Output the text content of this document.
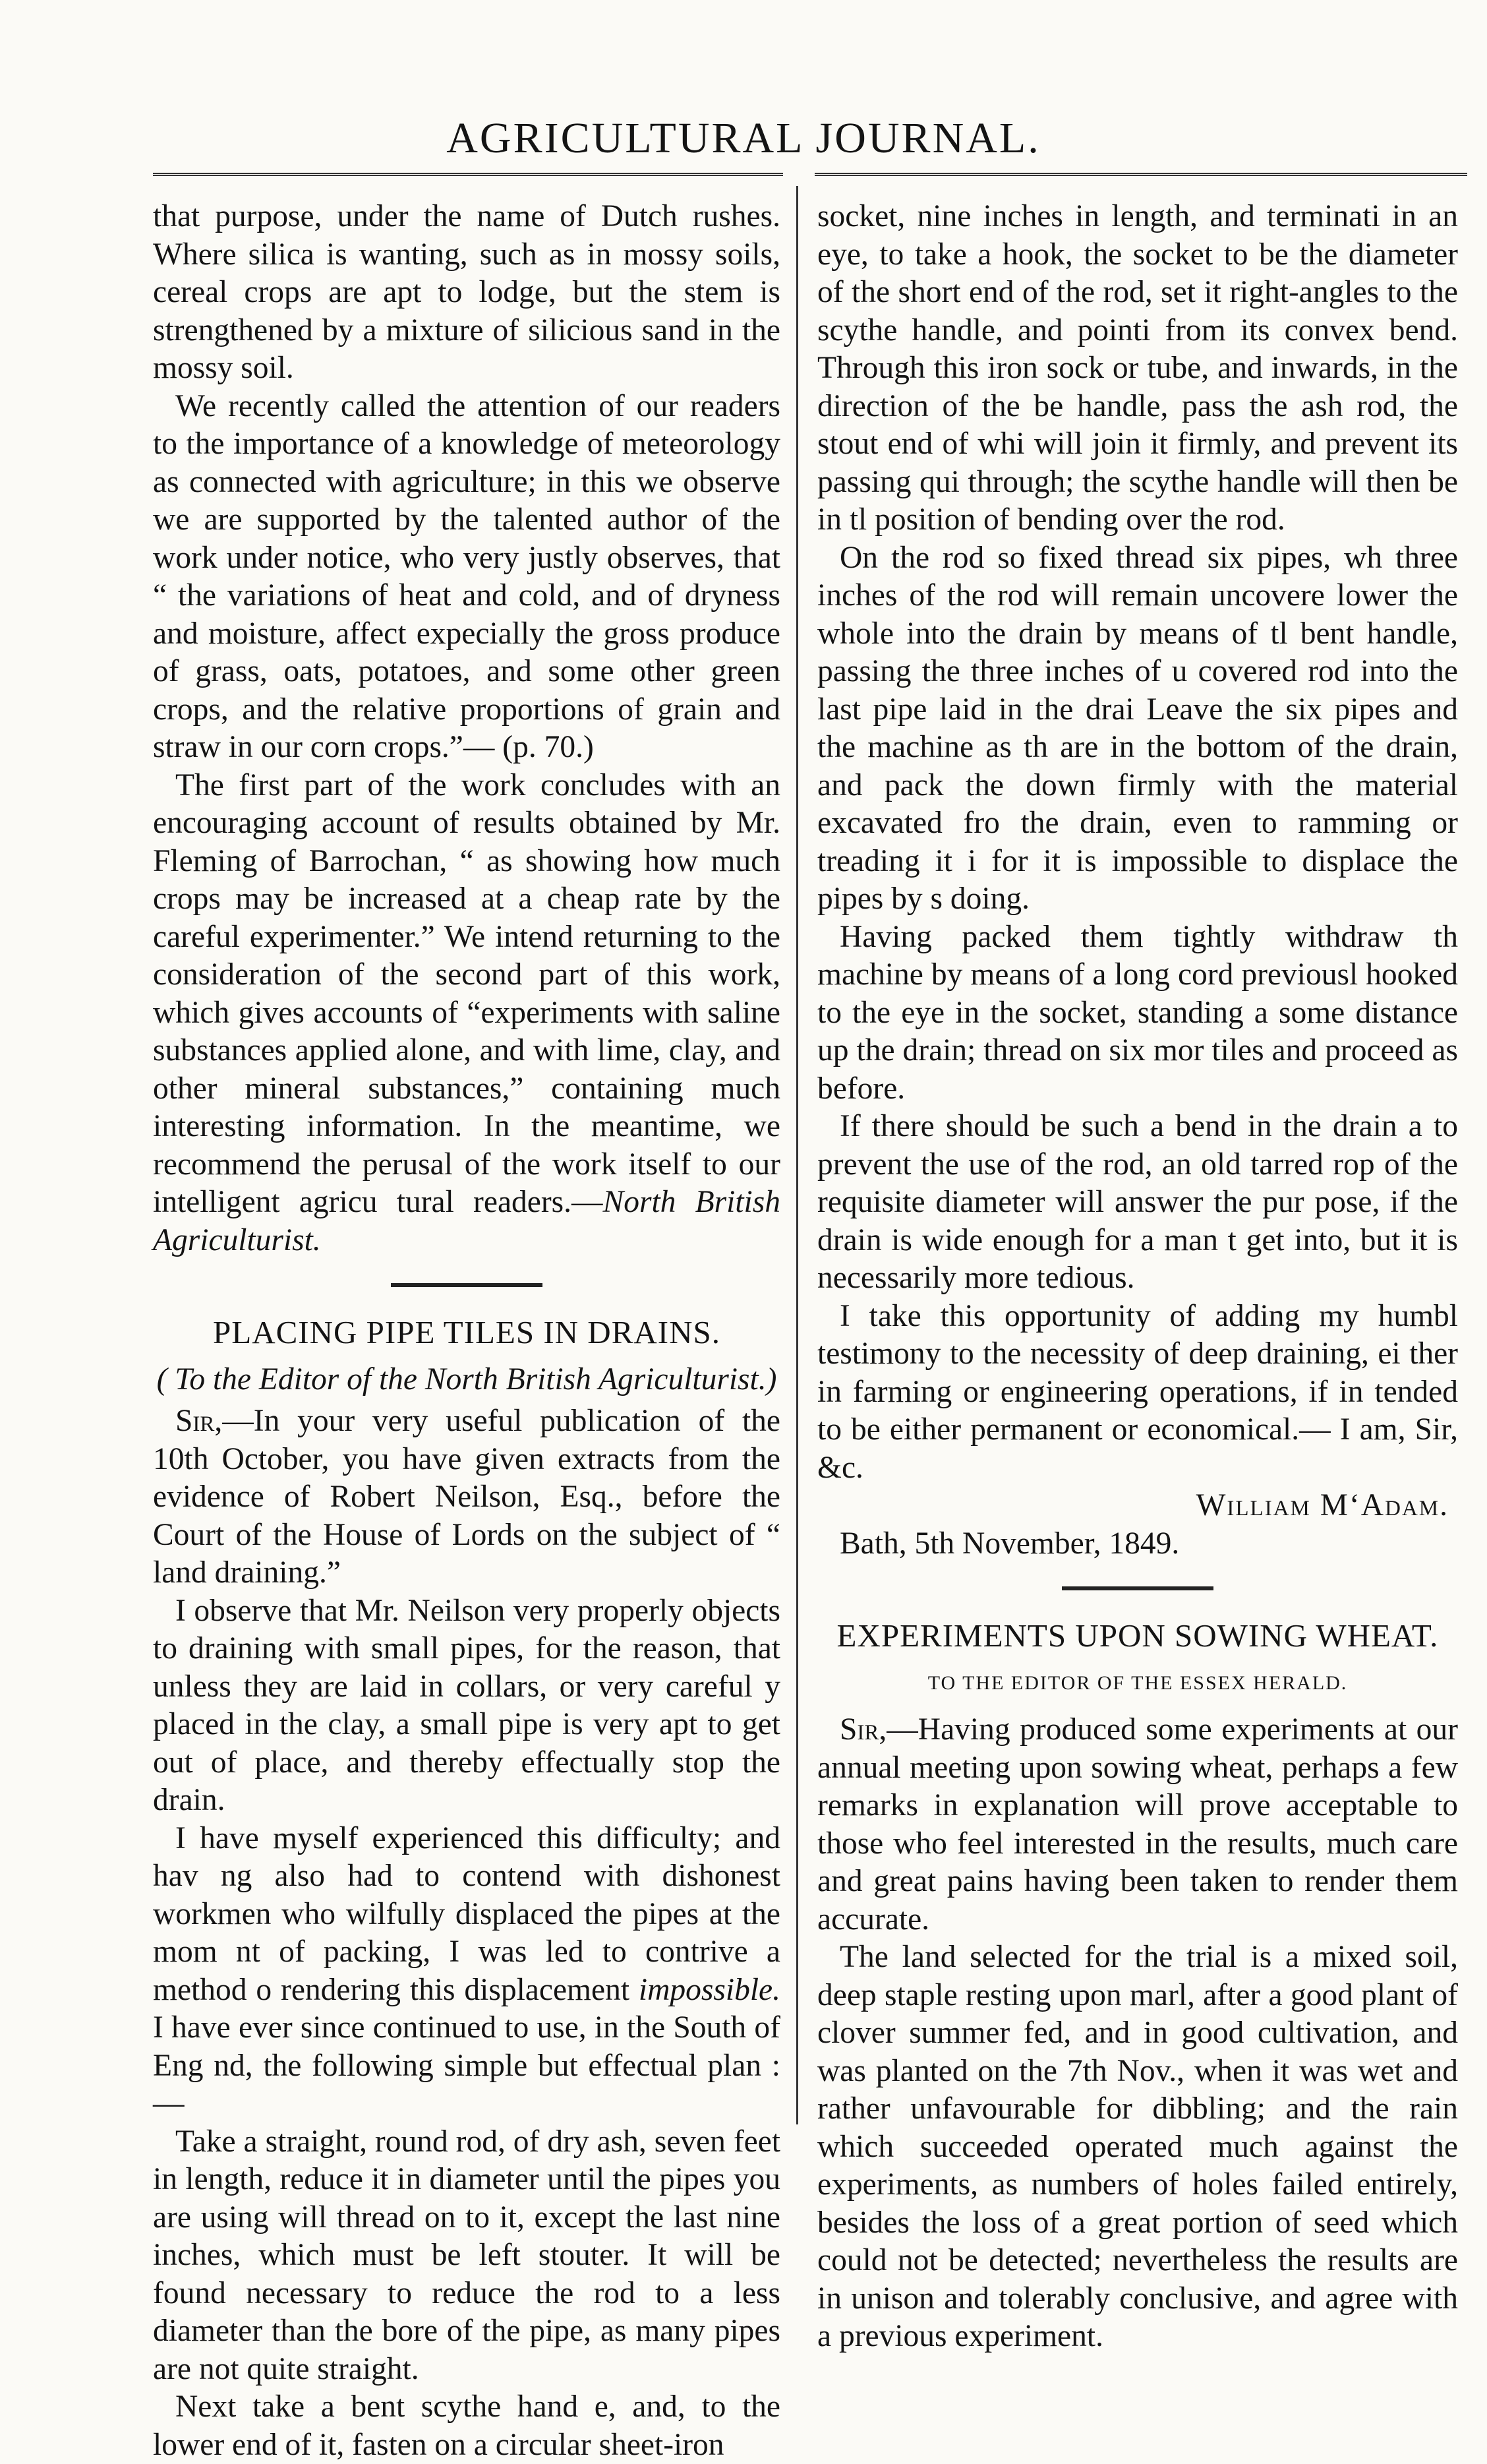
AGRICULTURAL JOURNAL.

that purpose, under the name of Dutch rushes. Where silica is wanting, such as in mossy soils, cereal crops are apt to lodge, but the stem is strengthened by a mixture of silicious sand in the mossy soil.

We recently called the attention of our readers to the importance of a knowledge of meteorology as connected with agriculture; in this we observe we are supported by the talented author of the work under notice, who very justly observes, that “ the variations of heat and cold, and of dryness and moisture, affect expecially the gross produce of grass, oats, potatoes, and some other green crops, and the relative proportions of grain and straw in our corn crops.”— (p. 70.)

The first part of the work concludes with an encouraging account of results obtained by Mr. Fleming of Barrochan, “ as showing how much crops may be increased at a cheap rate by the careful experimenter.” We intend returning to the consideration of the second part of this work, which gives accounts of “experiments with saline substances applied alone, and with lime, clay, and other mineral substances,” containing much interesting information. In the meantime, we recommend the perusal of the work itself to our intelligent agricu tural readers.—North British Agriculturist.

PLACING PIPE TILES IN DRAINS.
( To the Editor of the North British Agriculturist.)

Sir,—In your very useful publication of the 10th October, you have given extracts from the evidence of Robert Neilson, Esq., before the Court of the House of Lords on the subject of “ land draining.”

I observe that Mr. Neilson very properly objects to draining with small pipes, for the reason, that unless they are laid in collars, or very careful y placed in the clay, a small pipe is very apt to get out of place, and thereby effectually stop the drain.

I have myself experienced this difficulty; and hav ng also had to contend with dishonest workmen who wilfully displaced the pipes at the mom nt of packing, I was led to contrive a method o rendering this displacement impossible. I have ever since continued to use, in the South of Eng nd, the following simple but effectual plan :—

Take a straight, round rod, of dry ash, seven feet in length, reduce it in diameter until the pipes you are using will thread on to it, except the last nine inches, which must be left stouter. It will be found necessary to reduce the rod to a less diameter than the bore of the pipe, as many pipes are not quite straight.

Next take a bent scythe hand e, and, to the lower end of it, fasten on a circular sheet-iron

socket, nine inches in length, and terminati in an eye, to take a hook, the socket to be the diameter of the short end of the rod, set it right-angles to the scythe handle, and pointi from its convex bend. Through this iron sock or tube, and inwards, in the direction of the be handle, pass the ash rod, the stout end of whi will join it firmly, and prevent its passing qui through; the scythe handle will then be in tl position of bending over the rod.

On the rod so fixed thread six pipes, wh three inches of the rod will remain uncovere lower the whole into the drain by means of tl bent handle, passing the three inches of u covered rod into the last pipe laid in the drai Leave the six pipes and the machine as th are in the bottom of the drain, and pack the down firmly with the material excavated fro the drain, even to ramming or treading it i for it is impossible to displace the pipes by s doing.

Having packed them tightly withdraw th machine by means of a long cord previousl hooked to the eye in the socket, standing a some distance up the drain; thread on six mor tiles and proceed as before.

If there should be such a bend in the drain a to prevent the use of the rod, an old tarred rop of the requisite diameter will answer the pur pose, if the drain is wide enough for a man t get into, but it is necessarily more tedious.

I take this opportunity of adding my humbl testimony to the necessity of deep draining, ei ther in farming or engineering operations, if in tended to be either permanent or economical.— I am, Sir, &c.

William M‘Adam.
Bath, 5th November, 1849.
EXPERIMENTS UPON SOWING WHEAT.
TO THE EDITOR OF THE ESSEX HERALD.

Sir,—Having produced some experiments at our annual meeting upon sowing wheat, perhaps a few remarks in explanation will prove acceptable to those who feel interested in the results, much care and great pains having been taken to render them accurate.

The land selected for the trial is a mixed soil, deep staple resting upon marl, after a good plant of clover summer fed, and in good cultivation, and was planted on the 7th Nov., when it was wet and rather unfavourable for dibbling; and the rain which succeeded operated much against the experiments, as numbers of holes failed entirely, besides the loss of a great portion of seed which could not be detected; nevertheless the results are in unison and tolerably conclusive, and agree with a previous experiment.
